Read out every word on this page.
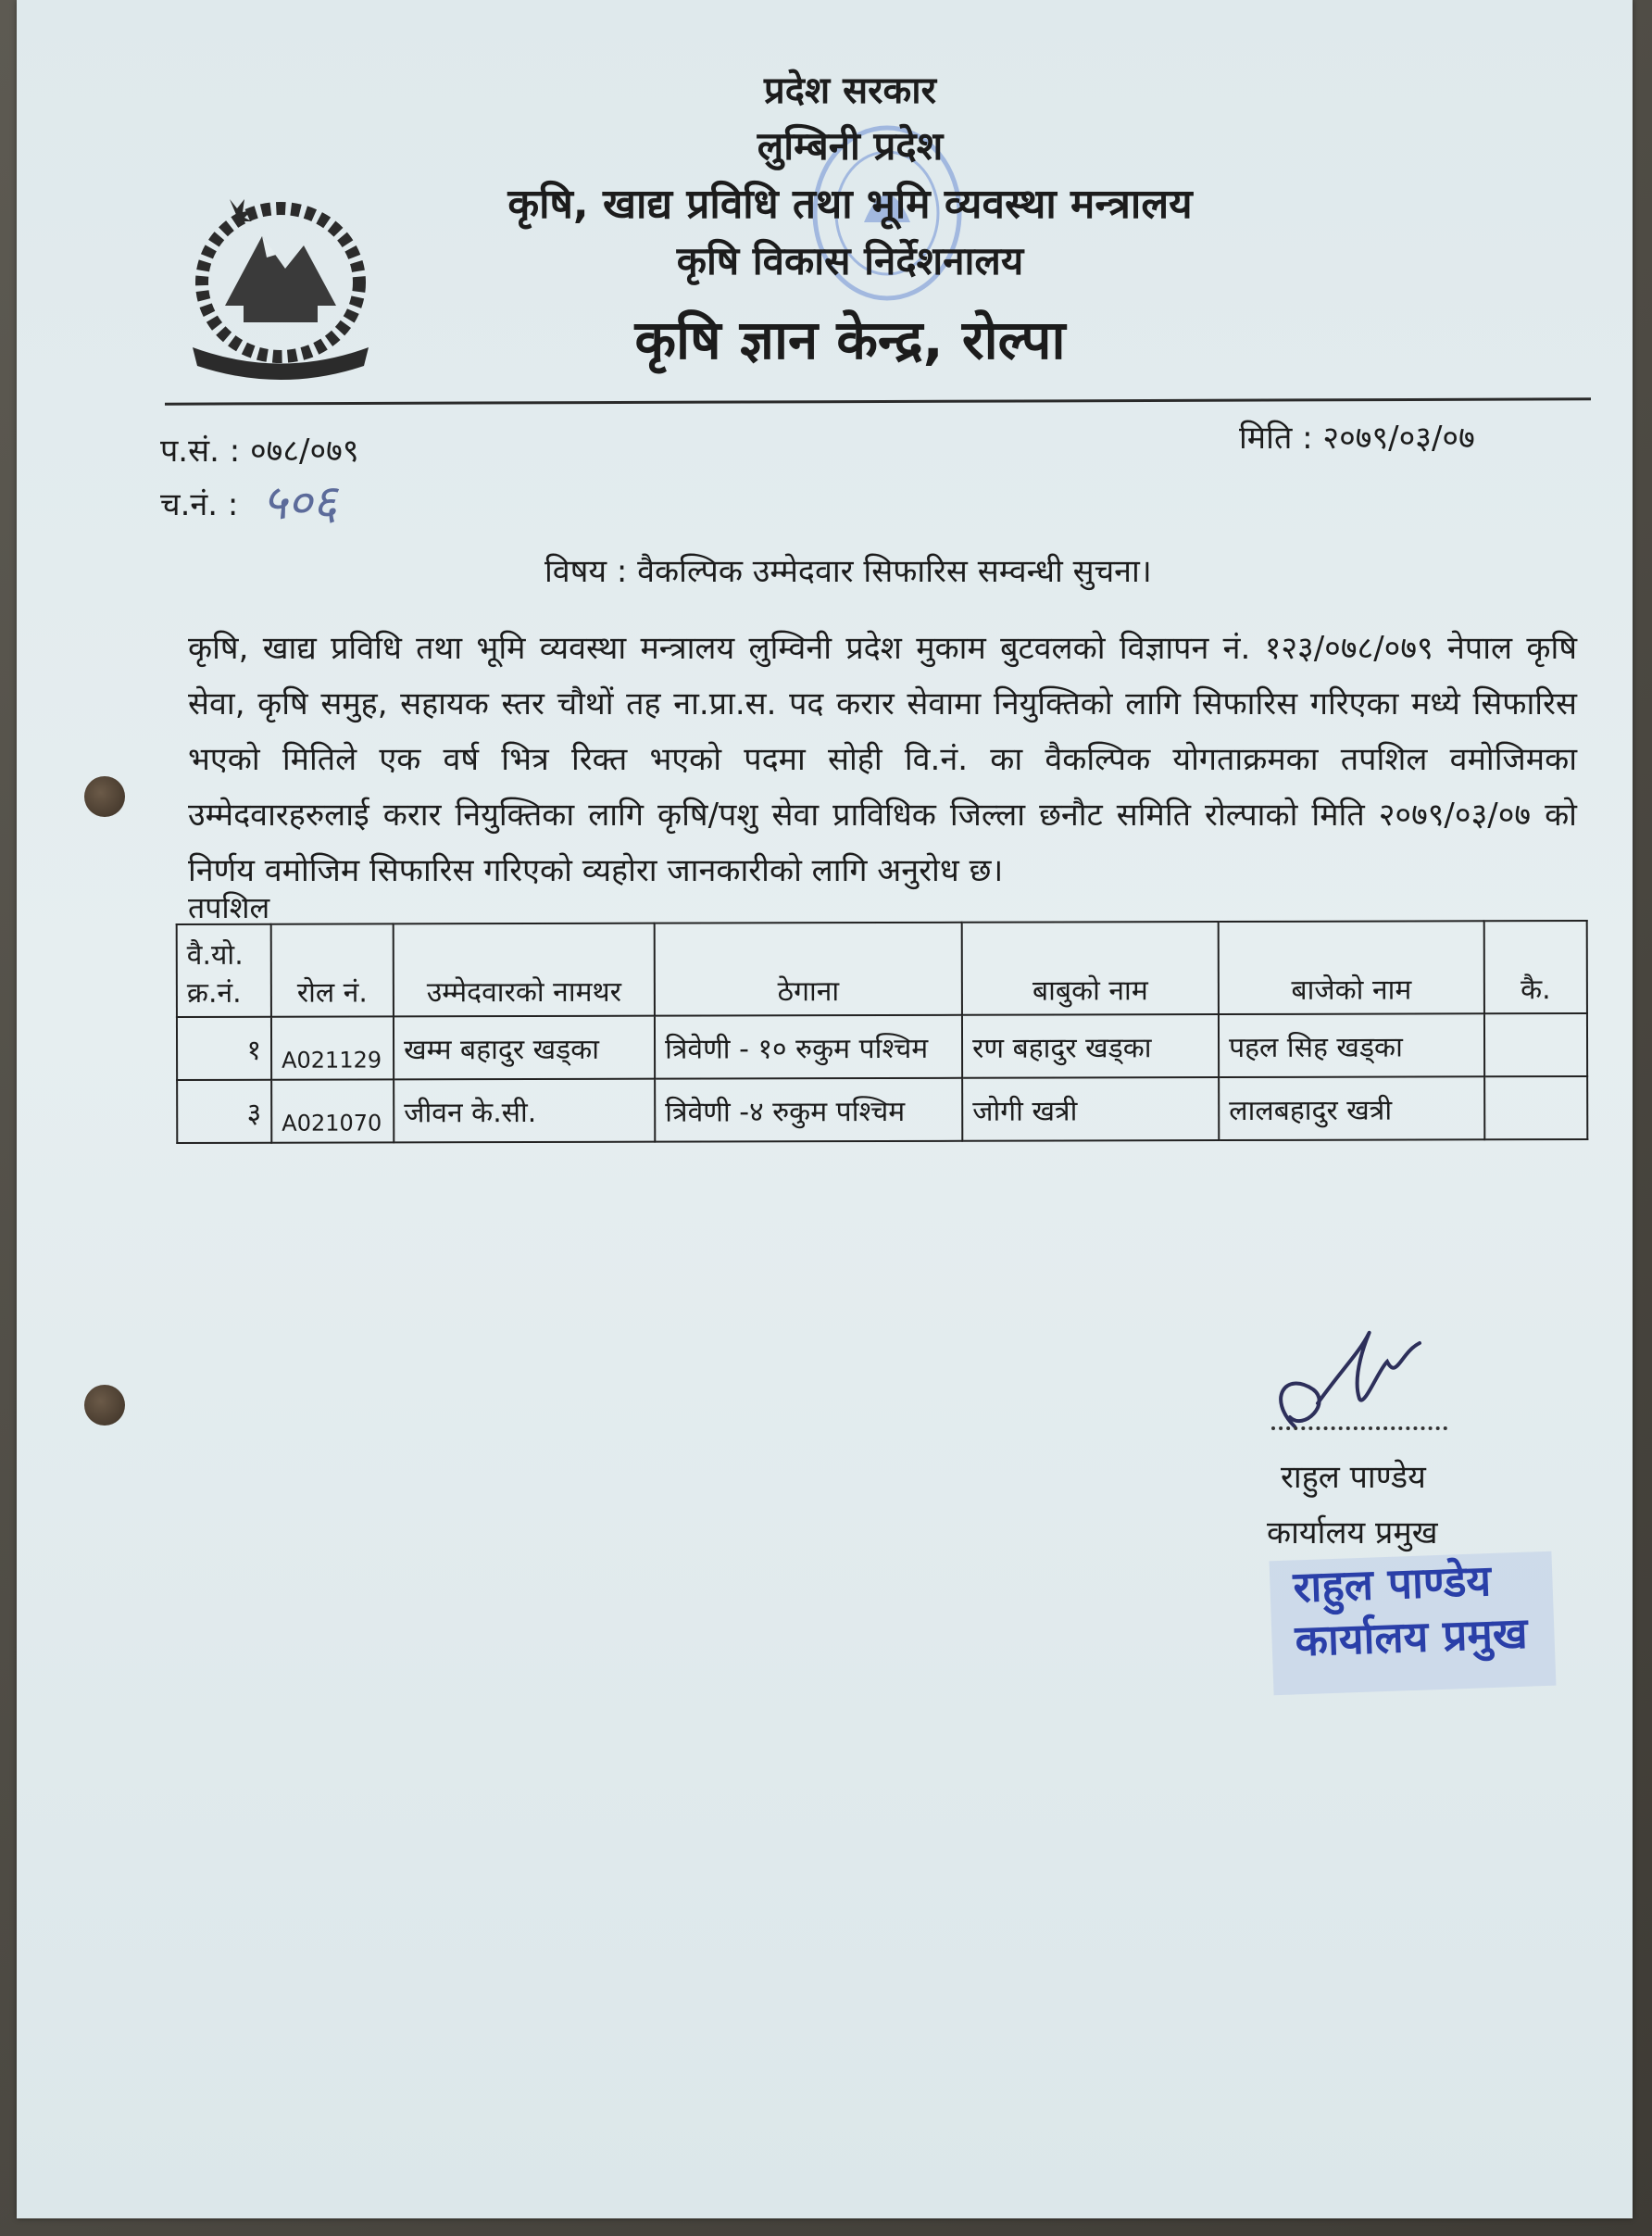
प्रदेश सरकार
लुम्बिनी प्रदेश
कृषि, खाद्य प्रविधि तथा भूमि व्यवस्था मन्त्रालय
कृषि विकास निर्देशनालय
कृषि ज्ञान केन्द्र, रोल्पा
प.सं. : ०७८/०७९
च.नं. : ५०६
मिति : २०७९/०३/०७
विषय : वैकल्पिक उम्मेदवार सिफारिस सम्वन्धी सुचना।
कृषि, खाद्य प्रविधि तथा भूमि व्यवस्था मन्त्रालय लुम्विनी प्रदेश मुकाम बुटवलको विज्ञापन नं. १२३/०७८/०७९ नेपाल कृषि सेवा, कृषि समुह, सहायक स्तर चौथों तह ना.प्रा.स. पद करार सेवामा नियुक्तिको लागि सिफारिस गरिएका मध्ये सिफारिस भएको मितिले एक वर्ष भित्र रिक्त भएको पदमा सोही वि.नं. का वैकल्पिक योगताक्रमका तपशिल वमोजिमका उम्मेदवारहरुलाई करार नियुक्तिका लागि कृषि/पशु सेवा प्राविधिक जिल्ला छनौट समिति रोल्पाको मिति २०७९/०३/०७ को निर्णय वमोजिम सिफारिस गरिएको व्यहोरा जानकारीको लागि अनुरोध छ।
तपशिल
वै.यो. क्र.नं.	रोल नं.	उम्मेदवारको नामथर	ठेगाना	बाबुको नाम	बाजेको नाम	कै.
१	A021129	खम्म बहादुर खड्का	त्रिवेणी - १० रुकुम पश्चिम	रण बहादुर खड्का	पहल सिह खड्का	
३	A021070	जीवन के.सी.	त्रिवेणी -४ रुकुम पश्चिम	जोगी खत्री	लालबहादुर खत्री	
राहुल पाण्डेय
कार्यालय प्रमुख
राहुल पाण्डेय
कार्यालय प्रमुख
